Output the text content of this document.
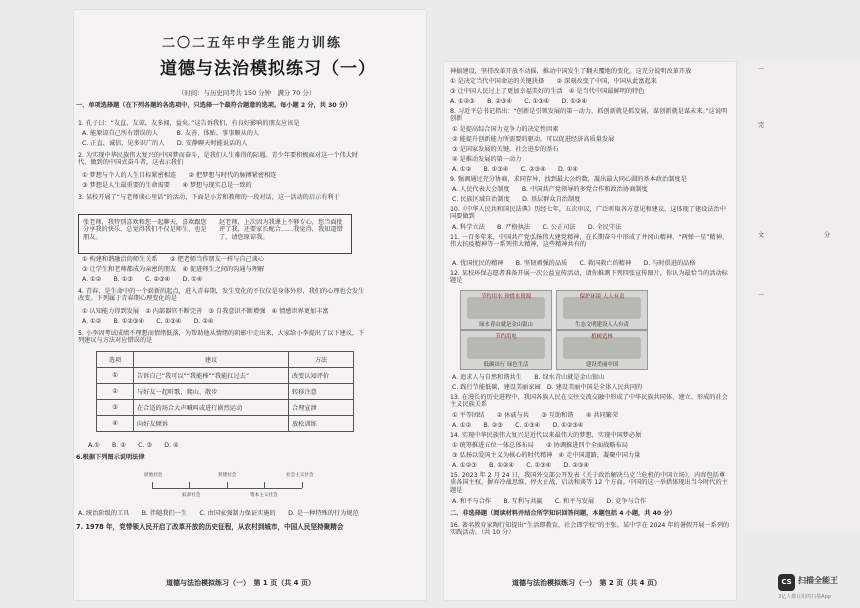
二〇二五年中学生能力训练
道德与法治模拟练习（一）
（时间：与历史同考共 150 分钟　满分 70 分）
一、单项选择题（在下列各题的各选项中，只选择一个最符合题意的选项。每小题 2 分，共 30 分）
1. 孔子曰：“友直，友谅，友多闻，益矣。”这告诉我们，有良好影响的朋友应该是
A. 能原谅自己所有错误的人　　　B. 友善、体贴、事事顺从的人
C. 正直、诚信、见多识广的人　　D. 安静聊天时能说话的人
2. 为实现中华民族伟大复兴的中国梦而奋斗，是我们人生难得的际遇。青少年要积极面对这一个伟大时代，做到的中国式奋斗者，这表示我们
① 梦想与个人的人生目标紧密相连　　② 把梦想与时代的脉搏紧密相连
③ 梦想是人生最重要的生命需要　　④ 梦想与现实总是一致的
3. 某校开展了“与老师谈心里话”的活动，下面是小芳和教师的一段对话，这一活动的启示有利于
张老师，我特别喜欢和您一起聊天，喜欢跟您分享我的快乐，总觉得我们不仅是师生，也是朋友。
赵老师，上次因为我课上不够专心，您当面批评了我，还要家长配合……我觉得，我知道错了，请您原谅我。
① 构建和谐融洽的师生关系　　② 把老师当作朋友一样与自己谈心
③ 让学生和老师都成为亲密的朋友　④ 促进师生之间的沟通与理解
A. ①②　　B. ①③　　C. ②③④　　D. ①④
4. 青春，是生命中的一个崭新的起点，进入青春期，发生变化的不仅仅是身体外形，我们的心理也会发生改变。下列属于青春期心理变化的是
① 认知能力得到发展　② 内部器官不断完善　③ 自我意识不断增强　④ 情感世界更加丰富
A. ①②　　B. ①②③④　　C. ①③④　　D. ②④
5. 小李因考试成绩不理想而情绪低落，为帮助他从情绪的阴影中走出来，大家给小李提出了以下建议，下列建议与方法对应错误的是
选项	建议	方法
①	告诉自己“我可以”“我能棒”“我能扛过去”	改变认知评价
②	与好友一起听歌、爬山、散步	转移注意
③	在合适的场合大声喊叫或进行剧烈运动	合理宣泄
④	向好友倾诉	放松训练
A.①　　B. ②　　C. ③　　D. ④
6.根据下列图示说明法律
原始社会
奴隶社会
封建社会
资本主义社会
社会主义社会
A. 统治阶级的工具　　B. 伴随我们一生　　C. 由国家强制力保证实施的　　D. 是一种特殊的行为规范
7. 1978 年，党带领人民开启了改革开放的历史征程，从农村到城市，中国人民坚持聚精会
道德与法治模拟练习（一）　第 1 页（共 4 页）
神搞建设，坚持改革开放不动摇，推动中国发生了翻天覆地的变化。这充分说明改革开放
① 是决定当代中国命运的关键抉择　　② 深刻改变了中国，中国从此富起来
③ 让中国人民过上了更加幸福美好的生活　④ 是当代中国最鲜明的特色
A. ①②③　　B. ②③④　　C. ①③④　　D. ①②④
8. 习近平总书记指出：“创新是引领发展的第一动力，抓创新就是抓发展，谋创新就是谋未来。”这说明创新
① 是提高综合国力竞争力的决定性因素
② 能提升创新能力所需要的驱动，可以促进经济高质量发展
③ 是国家发展的关键，社会进步的基石
④ 是推动发展的第一动力
A. ①②　　B. ①③④　　C. ②③④　　D. ①④
9. 强调通过充分协商，求同存异，找到最大公约数，凝出最大同心圆的基本政治制度是
A. 人民代表大会制度　　B. 中国共产党领导的多党合作和政治协商制度
C. 民族区域自治制度　　D. 基层群众自治制度
10.《中华人民共和国民法典》历经七年，五次审议，广泛听取各方意见和建议，这体现了建设法治中国要做到
A. 科学立法　　B. 严格执法　　C. 公正司法　　D. 全民守法
11. 一百多年来，中国共产党弘扬伟大建党精神，在长期奋斗中形成了井冈山精神、“两弹一星”精神、伟大抗疫精神等一系列伟大精神，这些精神共有的
A. 忧国忧民的精神　　B. 坚韧顽强的品质　　C. 救国救亡的精神　　D. 与时俱进的品格
12. 某校环保志愿者准备开展一次公益宣传活动，请你推测下列四张宣传图片，你认为最恰当的活动标题是
节约用水 珍惜水资源
绿水青山就是金山银山
保护环境 人人有责
生态文明建设人人有责
节约用电
低碳出行 绿色生活
植树造林
建设美丽中国
A. 追求人与自然和谐共生　　B. 绿水青山就是金山银山
C. 践行节能低碳，建设美丽家园　D. 建设美丽中国是全体人民共同的
13. 在漫长的历史进程中，我国各族人民在交往交流交融中形成了中华民族共同体，建立、形成的社会主义民族关系
① 平等团结　　② 休戚与共　　③ 互助和谐　　④ 共同繁荣
A. ①②　　B. ②③　　C. ①③④　　D. ①②③④
14. 实现中华民族伟大复兴是近代以来最伟大的梦想，实现中国梦必须
① 统筹推进五位一体总体布局　　② 协调推进四个全面战略布局
③ 弘扬以爱国主义为核心的时代精神　④ 走中国道路，凝聚中国力量
A. ①②③　　B. ①②④　　C. ①③④　　D. ②③④
15. 2023 年 2 月 24 日，我国外交部公开发表《关于政治解决乌克兰危机的中国立场》，内容包括尊重各国主权、摒弃冷战思维、停火止战、启动和谈等 12 个方面。中国的这一举措体现出当今时代的主题是
A. 和平与合作　　B. 互利与共赢　　C. 和平与发展　　D. 竞争与合作
二、非选择题（阅读材料并结合所学知识回答问题，本题包括 4 小题，共 40 分）
16. 著名教育家陶行知提出“生活即教育，社会即学校”的主张。某中学在 2024 年的暑假开展一系列的实践活动。（共 10 分）
道德与法治模拟练习（一）　第 2 页（共 4 页）
一
完
文	分
一
CS 扫描全能王
3亿人都在用的扫描App
